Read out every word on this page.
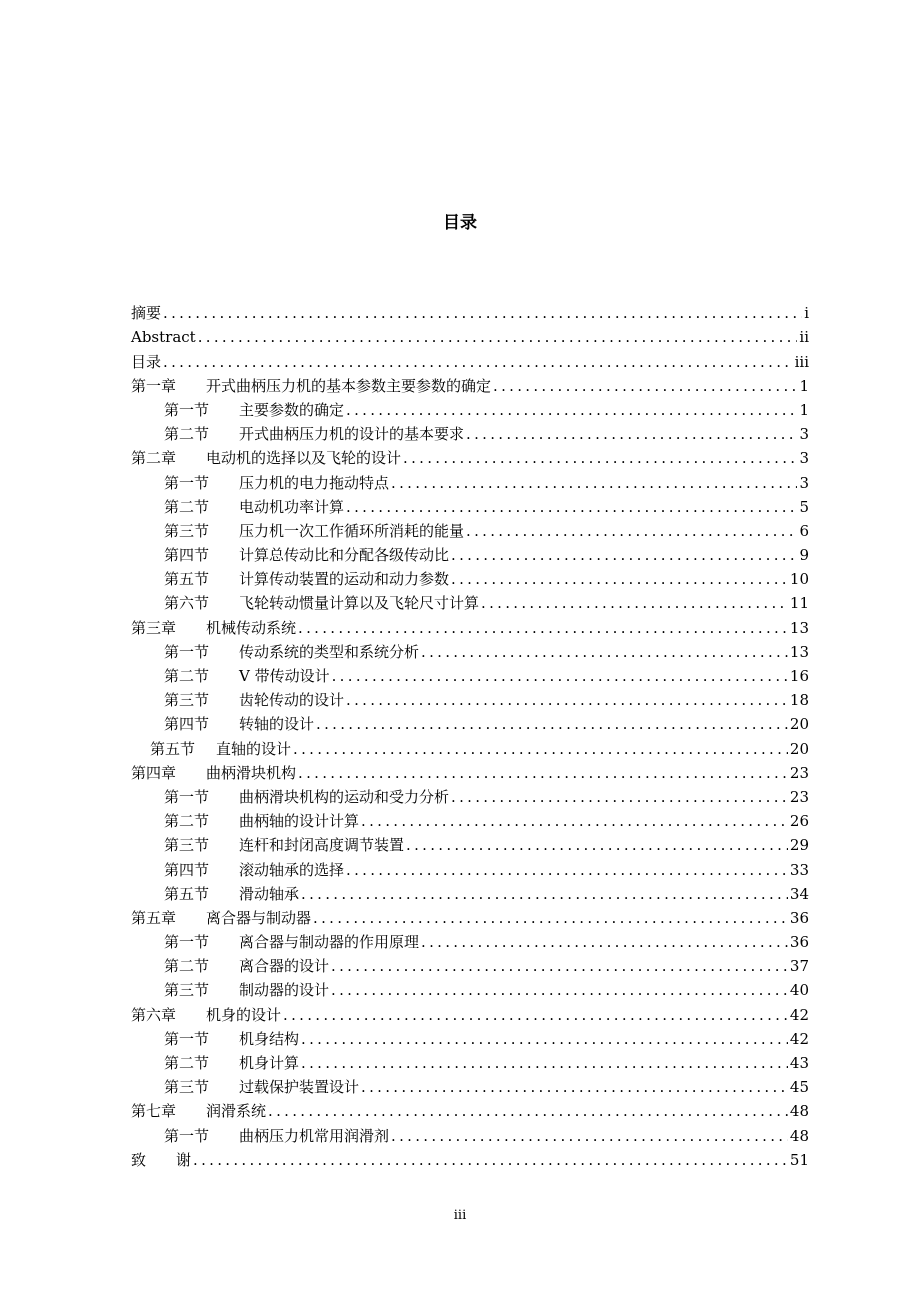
目录
摘要 .....	i
Abstract .....	ii
目录 .....	iii
第一章 开式曲柄压力机的基本参数主要参数的确定 .....	1
第一节 主要参数的确定 .....	1
第二节 开式曲柄压力机的设计的基本要求 .....	3
第二章 电动机的选择以及飞轮的设计 .....	3
第一节 压力机的电力拖动特点 .....	3
第二节 电动机功率计算 .....	5
第三节 压力机一次工作循环所消耗的能量 .....	6
第四节 计算总传动比和分配各级传动比 .....	9
第五节 计算传动装置的运动和动力参数 .....	10
第六节 飞轮转动惯量计算以及飞轮尺寸计算 .....	11
第三章 机械传动系统 .....	13
第一节 传动系统的类型和系统分析 .....	13
第二节 V 带传动设计 .....	16
第三节 齿轮传动的设计 .....	18
第四节 转轴的设计 .....	20
第五节 直轴的设计 .....	20
第四章 曲柄滑块机构 .....	23
第一节 曲柄滑块机构的运动和受力分析 .....	23
第二节 曲柄轴的设计计算 .....	26
第三节 连杆和封闭高度调节装置 .....	29
第四节 滚动轴承的选择 .....	33
第五节 滑动轴承 .....	34
第五章 离合器与制动器 .....	36
第一节 离合器与制动器的作用原理 .....	36
第二节 离合器的设计 .....	37
第三节 制动器的设计 .....	40
第六章 机身的设计 .....	42
第一节 机身结构 .....	42
第二节 机身计算 .....	43
第三节 过载保护装置设计 .....	45
第七章 润滑系统 .....	48
第一节 曲柄压力机常用润滑剂 .....	48
致　　谢 .....	51
iii
